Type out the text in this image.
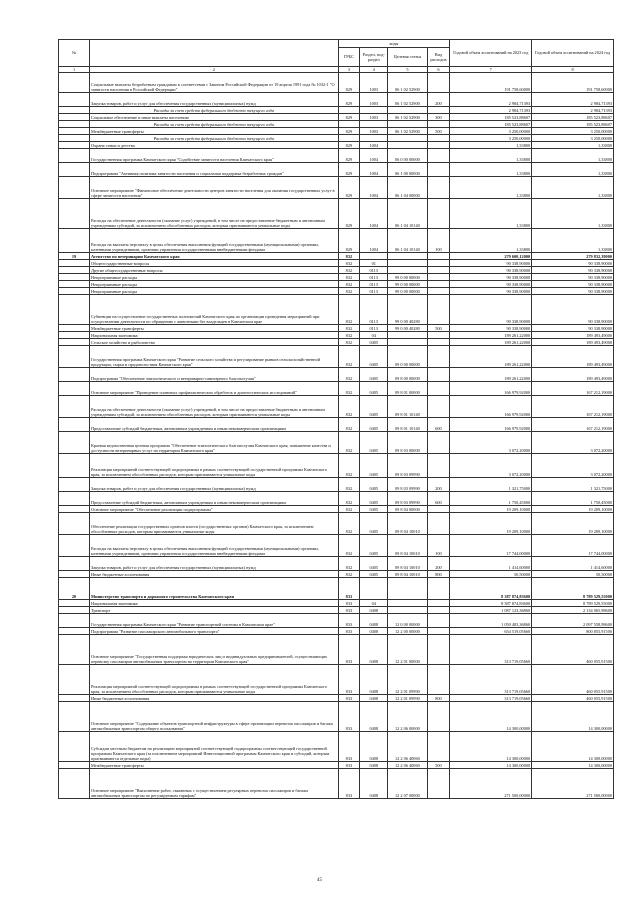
№		коды				Годовой объем ассигнований на 2023 год	Годовой объем ассигнований на 2024 год
		ГРБС	Раздел, под-раздел	Целевая статья	Вид расходов		
1	2	3	4	5	6	7	8
	Социальные выплаты безработным гражданам в соответствии с Законом Российской Федерации от 19 апреля 1991 года № 1032-1 "О занятости населения в Российской Федерации"	829	1003	06 1 02 52900		191 758,60000	191 758,60000
	Закупка товаров, работ и услуг для обеспечения государственных (муниципальных) нужд	829	1003	06 1 02 52900	200	2 984,71393	2 984,71393
	Расходы за счет средств федерального бюджета текущего года					2 984,71393	2 984,71393
	Социальное обеспечение и иные выплаты населению	829	1003	06 1 02 52900	300	185 523,88607	185 523,88607
	Расходы за счет средств федерального бюджета текущего года					185 523,88607	185 523,88607
	Межбюджетные трансферты	829	1003	06 1 02 52900	500	3 250,00000	3 250,00000
	Расходы за счет средств федерального бюджета текущего года					3 250,00000	3 250,00000
	Охрана семьи и детства	829	1004			1,33800	1,33800
	Государственная программа Камчатского края "Содействие занятости населения Камчатского края"	829	1004	06 0 00 00000		1,33800	1,33800
	Подпрограмма "Активная политика занятости населения и социальная поддержка безработных граждан"	829	1004	06 1 00 00000		1,33800	1,33800
	Основное мероприятие "Финансовое обеспечение деятельности центров занятости населения для оказания государственных услуг в сфере занятости населения"	829	1004	06 1 04 00000		1,33800	1,33800
	Расходы на обеспечение деятельности (оказание услуг) учреждений, в том числе на предоставление бюджетным и автономным учреждениям субсидий, за исключением обособленных расходов, которым присваиваются уникальные коды	829	1004	06 1 04 10140		1,33800	1,33800
	Расходы на выплаты персоналу в целях обеспечения выполнения функций государственными (муниципальными) органами, казенными учреждениями, органами управления государственными внебюджетными фондами	829	1004	06 1 04 10140	100	1,33800	1,33800
19	Агентство по ветеринарии Камчатского края	832				279 600,12000	279 832,39000
	Общегосударственные вопросы	832	01			90 338,90000	90 338,90000
	Другие общегосударственные вопросы	832	0113			90 338,90000	90 338,90000
	Непрограммные расходы	832	0113	99 0 00 00000		90 338,90000	90 338,90000
	Непрограммные расходы	832	0113	99 0 00 00000		90 338,90000	90 338,90000
	Непрограммные расходы	832	0113	99 0 00 00000		90 338,90000	90 338,90000
	Субвенции на осуществление государственных полномочий Камчатского края по организации проведения мероприятий при осуществлении деятельности по обращению с животными без владельцев в Камчатском крае	832	0113	99 0 00 40280		90 338,90000	90 338,90000
	Межбюджетные трансферты	832	0113	99 0 00 40280	500	90 338,90000	90 338,90000
	Национальная экономика	832	04			189 261,22000	189 493,49000
	Сельское хозяйство и рыболовство	832	0405			189 261,22000	189 493,49000
	Государственная программа Камчатского края "Развитие сельского хозяйства и регулирование рынков сельскохозяйственной продукции, сырья и продовольствия Камчатского края"	832	0405	09 0 00 00000		189 261,22000	189 493,49000
	Подпрограмма "Обеспечение эпизоотического и ветеринарно-санитарного благополучия"	832	0405	09 8 00 00000		189 261,22000	189 493,49000
	Основное мероприятие "Проведение плановых профилактических обработок и диагностических исследований"	832	0405	09 8 01 00000		166 979,92000	167 212,19000
	Расходы на обеспечение деятельности (оказание услуг) учреждений, в том числе на предоставление бюджетным и автономным учреждениям субсидий, за исключением обособленных расходов, которым присваиваются уникальные коды	832	0405	09 8 01 10140		166 979,92000	167 212,19000
	Предоставление субсидий бюджетным, автономным учреждениям и иным некоммерческим организациям	832	0405	09 8 01 10140	600	166 979,92000	167 212,19000
	Краевая ведомственная целевая программа "Обеспечение эпизоотического благополучия Камчатского края, повышение качества и доступности ветеринарных услуг на территории Камчатского края"	832	0405	09 8 03 00000		3 072,20000	3 072,20000
	Реализация мероприятий соответствующей подпрограммы в рамках соответствующей государственной программы Камчатского края, за исключением обособленных расходов, которым присваиваются уникальные коды	832	0405	09 8 03 09990		3 072,20000	3 072,20000
	Закупка товаров, работ и услуг для обеспечения государственных (муниципальных) нужд	832	0405	09 8 03 09990	200	1 321,75000	1 321,75000
	Предоставление субсидий бюджетным, автономным учреждениям и иным некоммерческим организациям	832	0405	09 8 03 09990	600	1 750,45000	1 750,45000
	Основное мероприятие "Обеспечение реализации подпрограммы"	832	0405	09 8 04 00000		19 209,10000	19 209,10000
	Обеспечение реализации государственных органов власти (государственных органов) Камчатского края, за исключением обособленных расходов, которым присваиваются уникальные коды	832	0405	09 8 04 10010		19 209,10000	19 209,10000
	Расходы на выплаты персоналу в целях обеспечения выполнения функций государственными (муниципальными) органами, казенными учреждениями, органами управления государственными внебюджетными фондами	832	0405	09 8 04 10010	100	17 744,00000	17 744,00000
	Закупка товаров, работ и услуг для обеспечения государственных (муниципальных) нужд	832	0405	09 8 04 10010	200	1 414,60000	1 414,60000
	Иные бюджетные ассигнования	832	0405	09 8 04 10010	800	50,50000	50,50000
20	Министерство транспорта и дорожного строительства Камчатского края	833				8 387 874,83600	8 789 529,55000
	Национальная экономика	833	04			8 387 874,83600	8 789 529,55000
	Транспорт	833	0408			1 087 123,36860	2 134 065,98600
	Государственная программа Камчатского края "Развитие транспортной системы в Камчатском крае"	833	0408	12 0 00 00000		1 050 483,36860	2 097 558,98600
	Подпрограмма "Развитие пассажирского автомобильного транспорта"	833	0408	12 2 00 00000		654 519,05660	800 855,91500
	Основное мероприятие "Государственная поддержка юридических лиц и индивидуальных предпринимателей, осуществляющих перевозку пассажиров автомобильным транспортом на территории Камчатского края"	833	0408	12 2 01 00000		313 719,05660	460 055,91500
	Реализация мероприятий соответствующей подпрограммы в рамках соответствующей государственной программы Камчатского края, за исключением обособленных расходов, которым присваиваются уникальные коды	833	0408	12 2 01 09990		313 719,05660	460 055,91500
	Иные бюджетные ассигнования	833	0408	12 2 01 09990	800	313 719,05660	460 055,91500
	Основное мероприятие "Содержание объектов транспортной инфраструктуры в сфере организации перевозок пассажиров и багажа автомобильным транспортом общего пользования"	833	0408	12 2 06 00000		14 300,00000	14 300,00000
	Субсидии местным бюджетам на реализацию мероприятий соответствующей подпрограммы соответствующей государственной программы Камчатского края (за исключением мероприятий Инвестиционной программы Камчатского края и субсидий, которым присваиваются отдельные коды)	833	0408	12 2 06 40060		14 300,00000	14 300,00000
	Межбюджетные трансферты	833	0408	12 2 06 40060	500	14 300,00000	14 300,00000
	Основное мероприятие "Выполнение работ, связанных с осуществлением регулярных перевозок пассажиров и багажа автомобильным транспортом по регулируемым тарифам"	833	0408	12 2 07 00000		271 500,00000	271 500,00000
45
